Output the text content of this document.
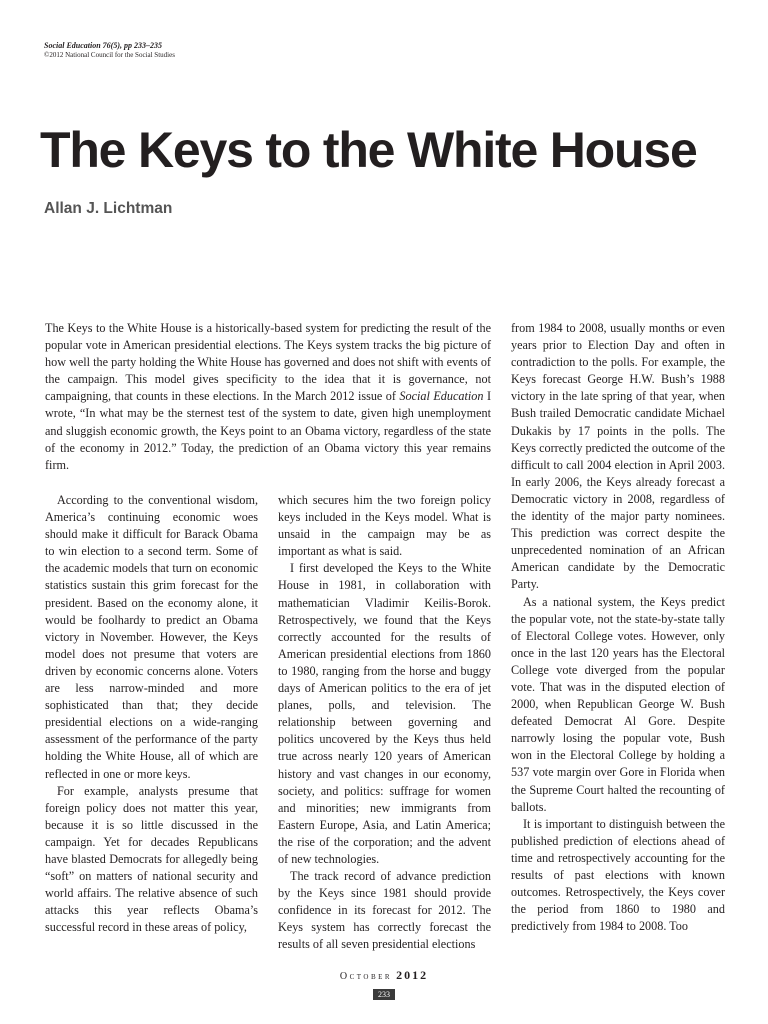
Social Education 76(5), pp 233–235
©2012 National Council for the Social Studies
The Keys to the White House
Allan J. Lichtman

The Keys to the White House is a historically-based system for predicting the result of the popular vote in American presidential elections. The Keys system tracks the big picture of how well the party holding the White House has governed and does not shift with events of the campaign. This model gives specificity to the idea that it is governance, not campaigning, that counts in these elections. In the March 2012 issue of Social Education I wrote, “In what may be the sternest test of the system to date, given high unemployment and sluggish economic growth, the Keys point to an Obama victory, regardless of the state of the economy in 2012.” Today, the prediction of an Obama victory this year remains firm.

According to the conventional wisdom, America’s continuing economic woes should make it difficult for Barack Obama to win election to a second term. Some of the academic models that turn on economic statistics sustain this grim forecast for the president. Based on the economy alone, it would be foolhardy to predict an Obama victory in November. However, the Keys model does not presume that voters are driven by economic concerns alone. Voters are less narrow-minded and more sophisticated than that; they decide presidential elections on a wide-ranging assessment of the performance of the party holding the White House, all of which are reflected in one or more keys.

For example, analysts presume that foreign policy does not matter this year, because it is so little discussed in the campaign. Yet for decades Republicans have blasted Democrats for allegedly being “soft” on matters of national security and world affairs. The relative absence of such attacks this year reflects Obama’s successful record in these areas of policy,

which secures him the two foreign policy keys included in the Keys model. What is unsaid in the campaign may be as important as what is said.

I first developed the Keys to the White House in 1981, in collaboration with mathematician Vladimir Keilis-Borok. Retrospectively, we found that the Keys correctly accounted for the results of American presidential elections from 1860 to 1980, ranging from the horse and buggy days of American politics to the era of jet planes, polls, and television. The relationship between governing and politics uncovered by the Keys thus held true across nearly 120 years of American history and vast changes in our economy, society, and politics: suffrage for women and minorities; new immigrants from Eastern Europe, Asia, and Latin America; the rise of the corporation; and the advent of new technologies.

The track record of advance prediction by the Keys since 1981 should provide confidence in its forecast for 2012. The Keys system has correctly forecast the results of all seven presidential elections

from 1984 to 2008, usually months or even years prior to Election Day and often in contradiction to the polls. For example, the Keys forecast George H.W. Bush’s 1988 victory in the late spring of that year, when Bush trailed Democratic candidate Michael Dukakis by 17 points in the polls. The Keys correctly predicted the outcome of the difficult to call 2004 election in April 2003. In early 2006, the Keys already forecast a Democratic victory in 2008, regardless of the identity of the major party nominees. This prediction was correct despite the unprecedented nomination of an African American candidate by the Democratic Party.

As a national system, the Keys predict the popular vote, not the state-by-state tally of Electoral College votes. However, only once in the last 120 years has the Electoral College vote diverged from the popular vote. That was in the disputed election of 2000, when Republican George W. Bush defeated Democrat Al Gore. Despite narrowly losing the popular vote, Bush won in the Electoral College by holding a 537 vote margin over Gore in Florida when the Supreme Court halted the recounting of ballots.

It is important to distinguish between the published prediction of elections ahead of time and retrospectively accounting for the results of past elections with known outcomes. Retrospectively, the Keys cover the period from 1860 to 1980 and predictively from 1984 to 2008. Too

October 2012
233
